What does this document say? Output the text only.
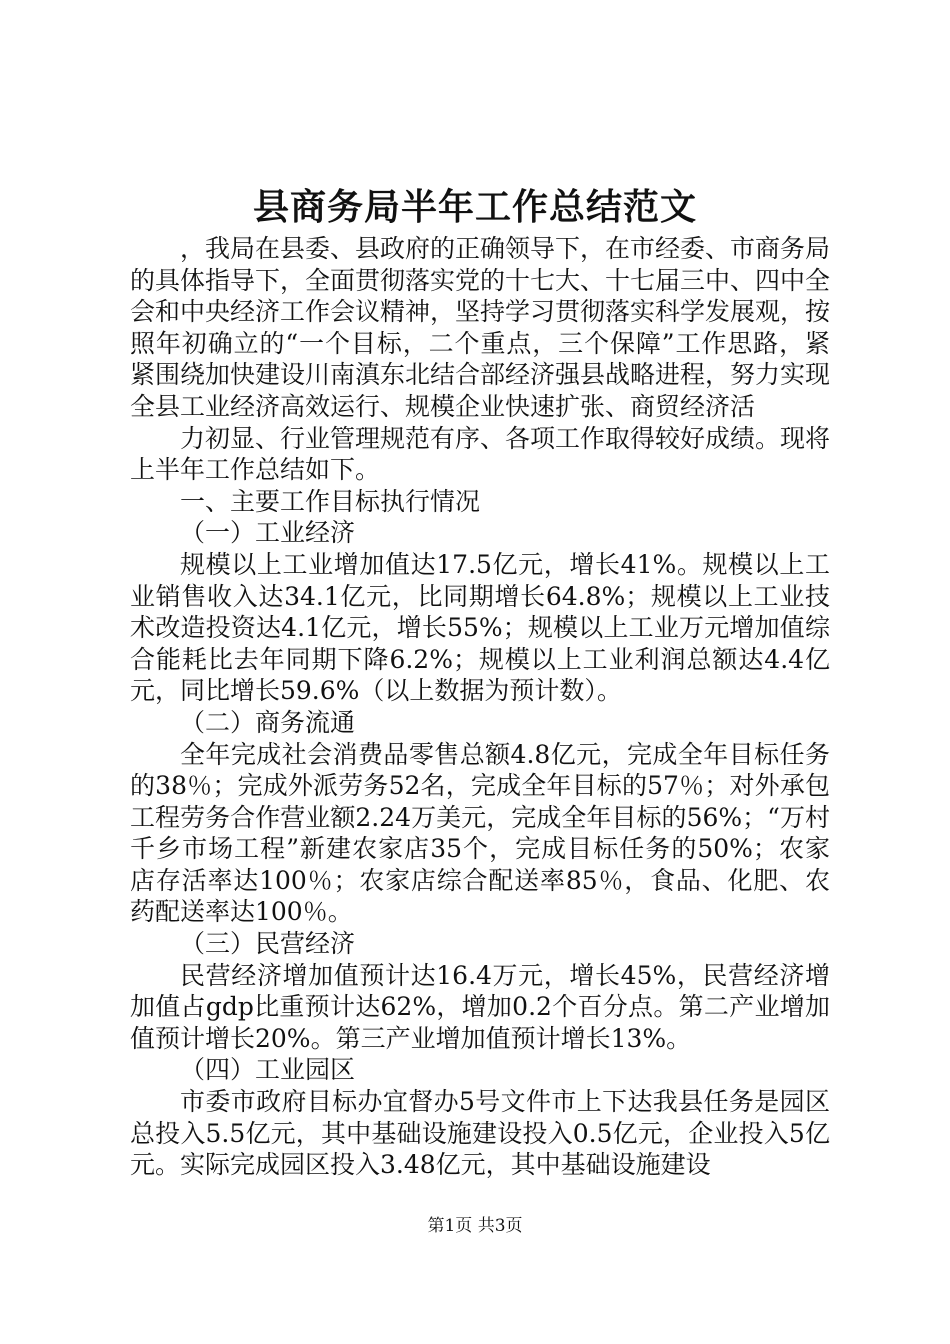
县商务局半年工作总结范文

，我局在县委、县政府的正确领导下，在市经委、市商务局的具体指导下，全面贯彻落实党的十七大、十七届三中、四中全会和中央经济工作会议精神，坚持学习贯彻落实科学发展观，按照年初确立的“一个目标，二个重点，三个保障”工作思路，紧紧围绕加快建设川南滇东北结合部经济强县战略进程，努力实现全县工业经济高效运行、规模企业快速扩张、商贸经济活

力初显、行业管理规范有序、各项工作取得较好成绩。现将上半年工作总结如下。

一、主要工作目标执行情况

（一）工业经济

规模以上工业增加值达17.5亿元，增长41%。规模以上工业销售收入达34.1亿元，比同期增长64.8%；规模以上工业技术改造投资达4.1亿元，增长55%；规模以上工业万元增加值综合能耗比去年同期下降6.2%；规模以上工业利润总额达4.4亿元，同比增长59.6%（以上数据为预计数）。

（二）商务流通

全年完成社会消费品零售总额4.8亿元，完成全年目标任务的38％；完成外派劳务52名，完成全年目标的57％；对外承包工程劳务合作营业额2.24万美元，完成全年目标的56%；“万村千乡市场工程”新建农家店35个，完成目标任务的50%；农家店存活率达100％；农家店综合配送率85％，食品、化肥、农药配送率达100％。

（三）民营经济

民营经济增加值预计达16.4万元，增长45%，民营经济增加值占gdp比重预计达62%，增加0.2个百分点。第二产业增加值预计增长20%。第三产业增加值预计增长13%。

（四）工业园区

市委市政府目标办宜督办5号文件市上下达我县任务是园区总投入5.5亿元，其中基础设施建设投入0.5亿元，企业投入5亿元。实际完成园区投入3.48亿元，其中基础设施建设

第1页 共3页
